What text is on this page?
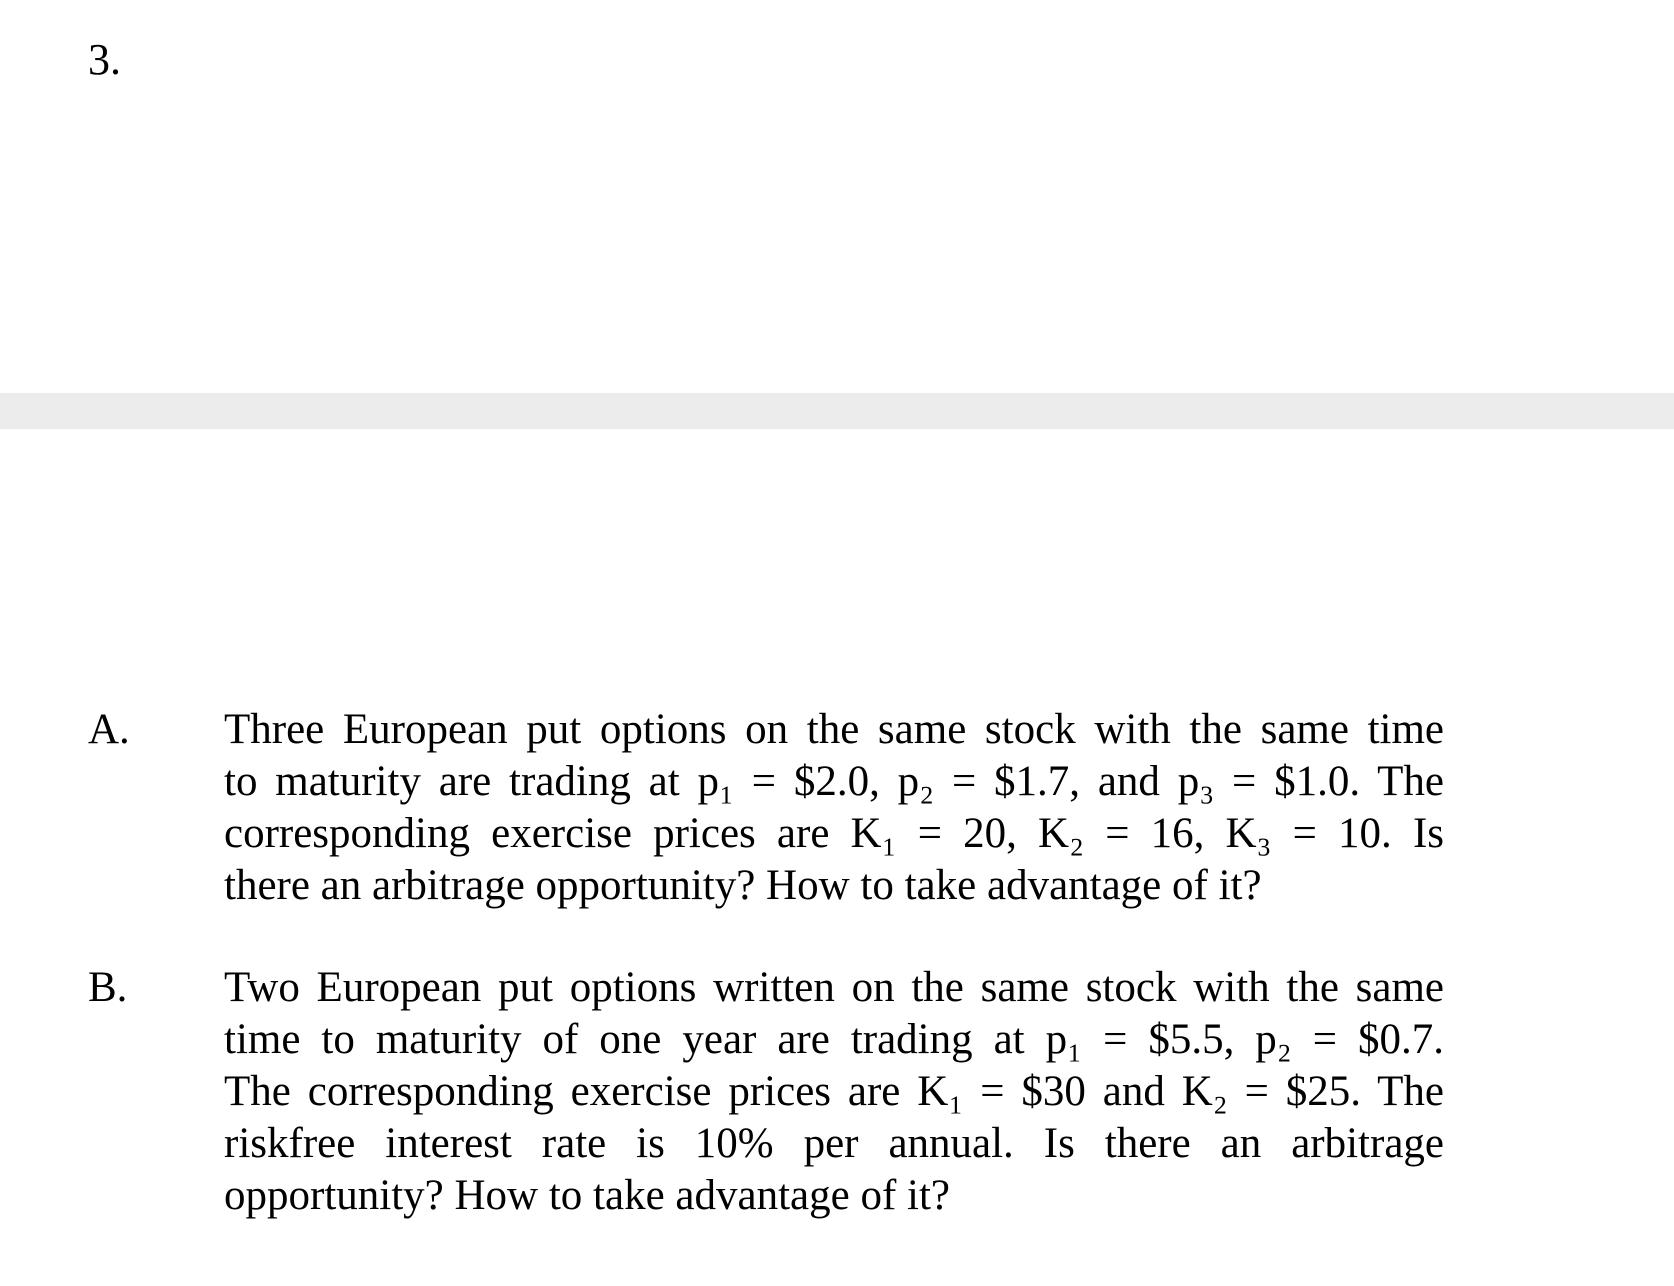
3.
A. Three European put options on the same stock with the same time
to maturity are trading at p₁ = $2.0, p₂ = $1.7, and p₃ = $1.0. The
corresponding exercise prices are K₁ = 20, K₂ = 16, K₃ = 10. Is
there an arbitrage opportunity? How to take advantage of it?
B. Two European put options written on the same stock with the same
time to maturity of one year are trading at p₁ = $5.5, p₂ = $0.7.
The corresponding exercise prices are K₁ = $30 and K₂ = $25. The
riskfree interest rate is 10% per annual. Is there an arbitrage
opportunity? How to take advantage of it?
